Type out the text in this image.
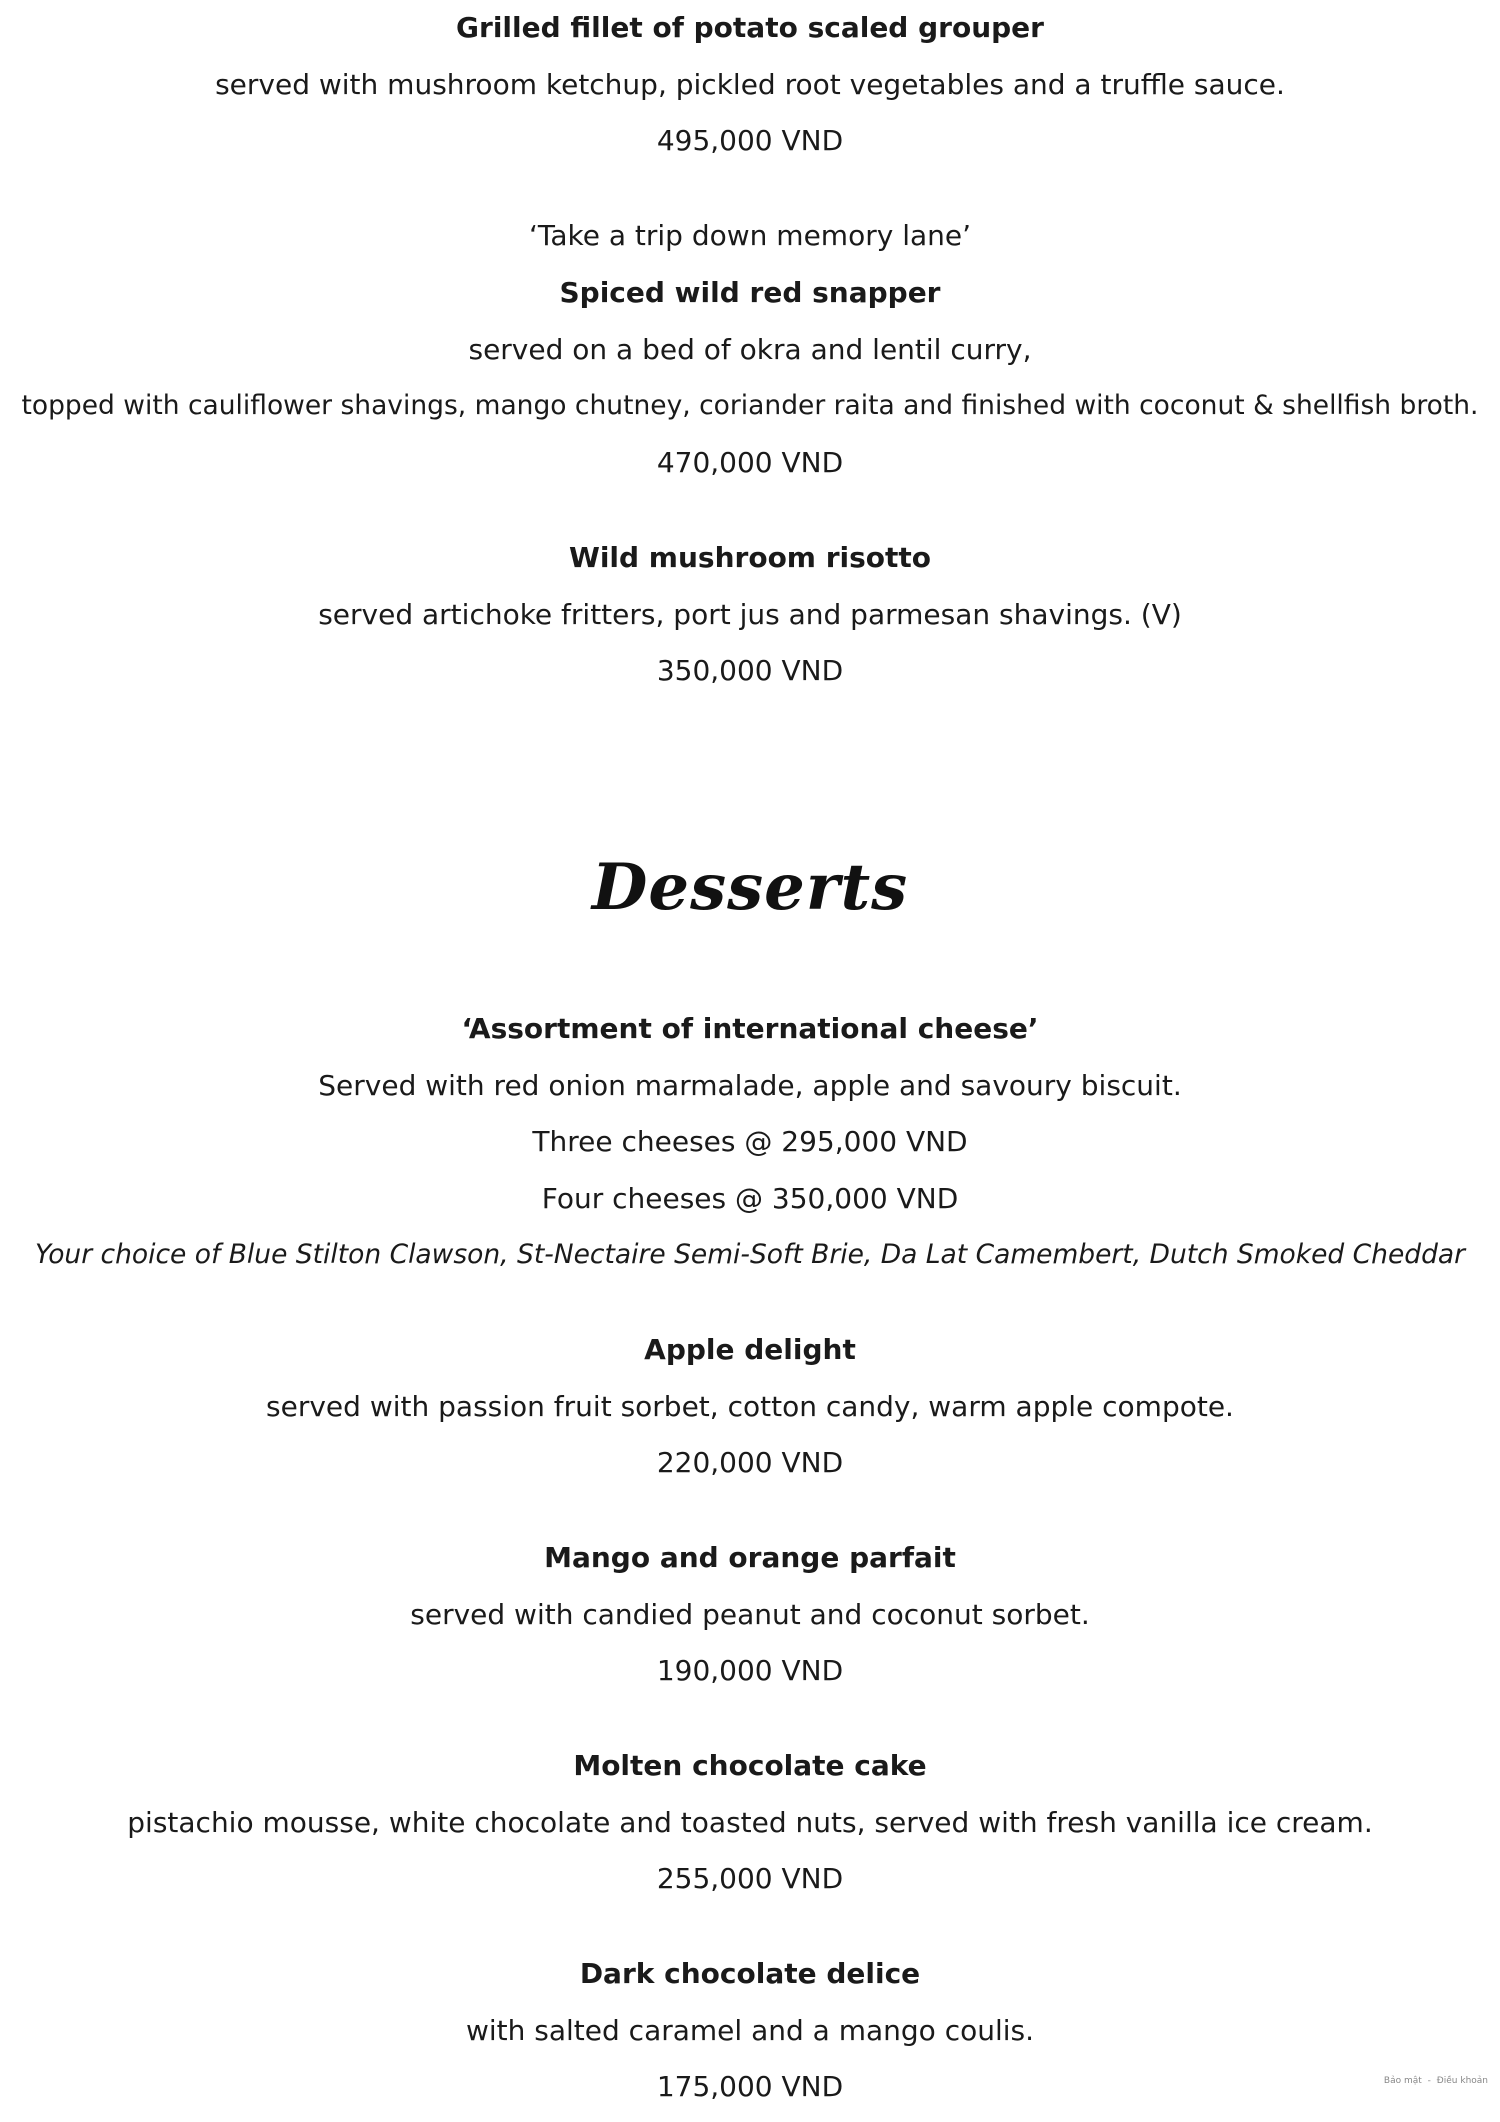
Grilled fillet of potato scaled grouper

served with mushroom ketchup, pickled root vegetables and a truffle sauce.

495,000 VND

‘Take a trip down memory lane’

Spiced wild red snapper

served on a bed of okra and lentil curry,

topped with cauliflower shavings, mango chutney, coriander raita and finished with coconut & shellfish broth.

470,000 VND

Wild mushroom risotto

served artichoke fritters, port jus and parmesan shavings. (V)

350,000 VND

Desserts

‘Assortment of international cheese’

Served with red onion marmalade, apple and savoury biscuit.

Three cheeses @ 295,000 VND

Four cheeses @ 350,000 VND

Your choice of Blue Stilton Clawson, St-Nectaire Semi-Soft Brie, Da Lat Camembert, Dutch Smoked Cheddar

Apple delight

served with passion fruit sorbet, cotton candy, warm apple compote.

220,000 VND

Mango and orange parfait

served with candied peanut and coconut sorbet.

190,000 VND

Molten chocolate cake

pistachio mousse, white chocolate and toasted nuts, served with fresh vanilla ice cream.

255,000 VND

Dark chocolate delice

with salted caramel and a mango coulis.

175,000 VND	Bảo mật - Điều khoản
